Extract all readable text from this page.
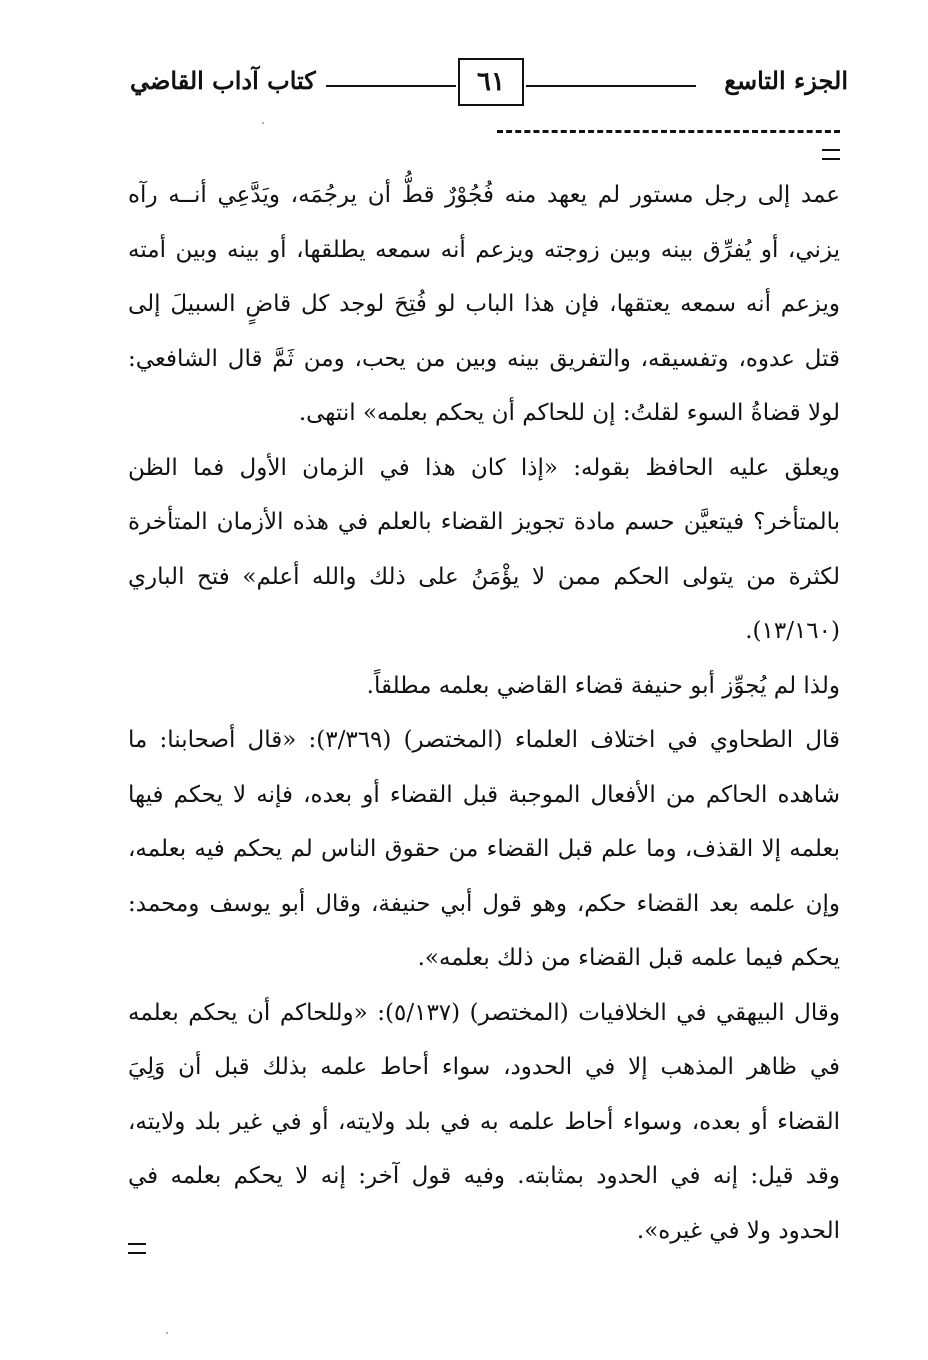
الجزء التاسع
٦١
كتاب آداب القاضي

عمد إلى رجل مستور لم يعهد منه فُجُوْرٌ قطُّ أن يرجُمَه، ويَدَّعِي أنــه رآه يزني، أو يُفرِّق بينه وبين زوجته ويزعم أنه سمعه يطلقها، أو بينه وبين أمته ويزعم أنه سمعه يعتقها، فإن هذا الباب لو فُتِحَ لوجد كل قاضٍ السبيلَ إلى قتل عدوه، وتفسيقه، والتفريق بينه وبين من يحب، ومن ثَمَّ قال الشافعي: لولا قضاةُ السوء لقلتُ: إن للحاكم أن يحكم بعلمه» انتهى.

ويعلق عليه الحافظ بقوله: «إذا كان هذا في الزمان الأول فما الظن بالمتأخر؟ فيتعيَّن حسم مادة تجويز القضاء بالعلم في هذه الأزمان المتأخرة لكثرة من يتولى الحكم ممن لا يؤْمَنُ على ذلك والله أعلم» فتح الباري (١٣/١٦٠).

ولذا لم يُجوِّز أبو حنيفة قضاء القاضي بعلمه مطلقاً.

قال الطحاوي في اختلاف العلماء (المختصر) (٣/٣٦٩): «قال أصحابنا: ما شاهده الحاكم من الأفعال الموجبة قبل القضاء أو بعده، فإنه لا يحكم فيها بعلمه إلا القذف، وما علم قبل القضاء من حقوق الناس لم يحكم فيه بعلمه، وإن علمه بعد القضاء حكم، وهو قول أبي حنيفة، وقال أبو يوسف ومحمد: يحكم فيما علمه قبل القضاء من ذلك بعلمه».

وقال البيهقي في الخلافيات (المختصر) (٥/١٣٧): «وللحاكم أن يحكم بعلمه في ظاهر المذهب إلا في الحدود، سواء أحاط علمه بذلك قبل أن وَلِيَ القضاء أو بعده، وسواء أحاط علمه به في بلد ولايته، أو في غير بلد ولايته، وقد قيل: إنه في الحدود بمثابته. وفيه قول آخر: إنه لا يحكم بعلمه في الحدود ولا في غيره».
